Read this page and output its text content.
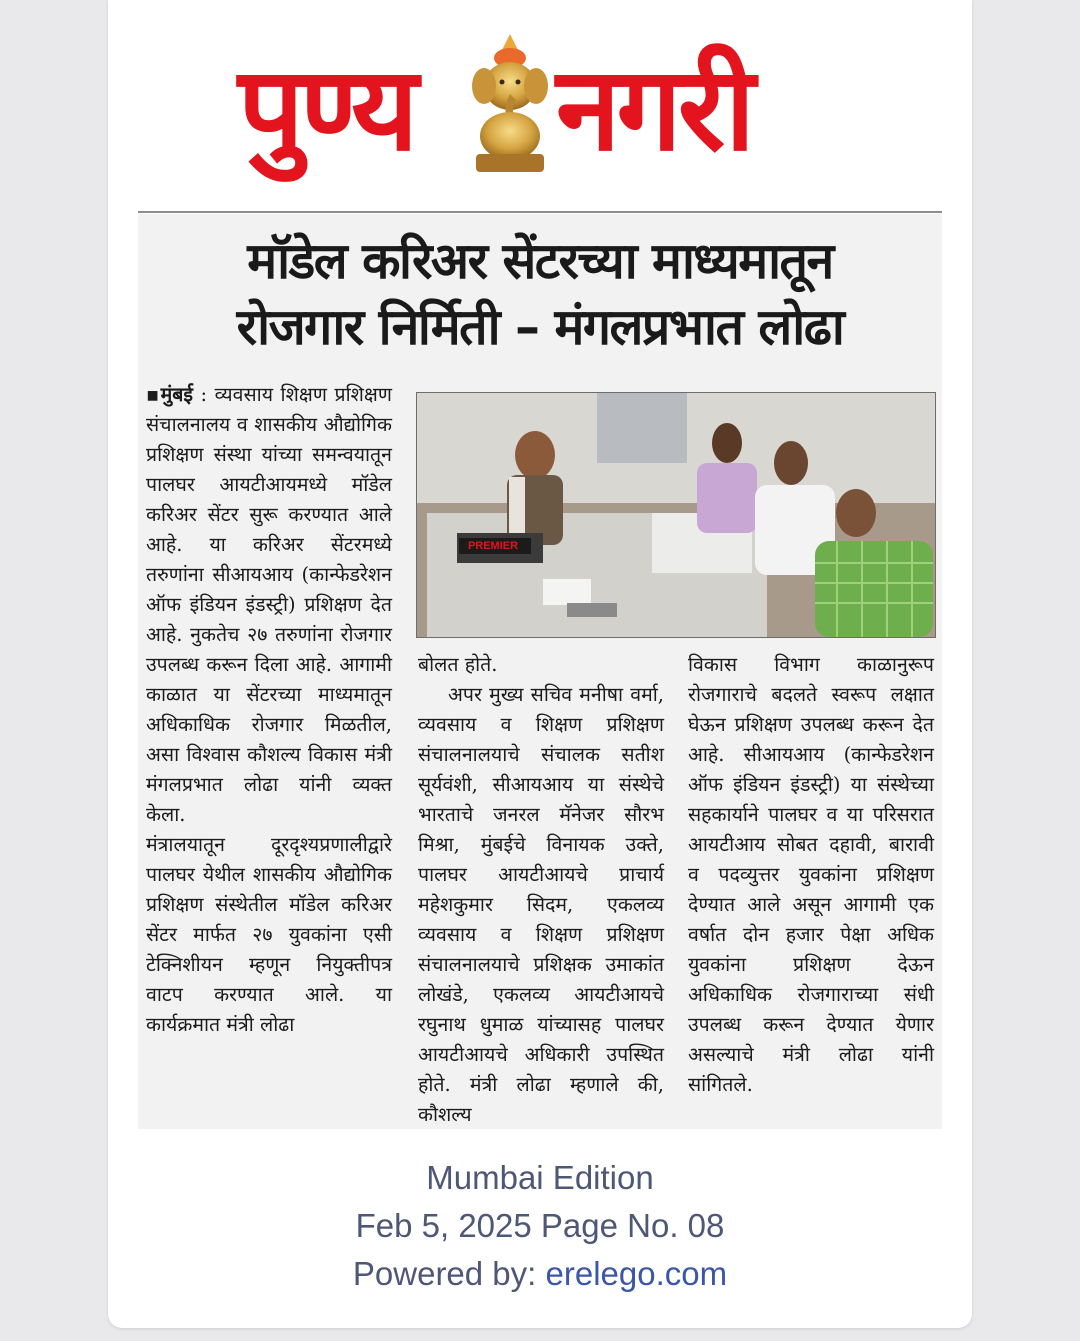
पुण्य नगरी
मॉडेल करिअर सेंटरच्या माध्यमातून
रोजगार निर्मिती – मंगलप्रभात लोढा

▪मुंबई : व्यवसाय शिक्षण प्रशिक्षण संचालनालय व शासकीय औद्योगिक प्रशिक्षण संस्था यांच्या समन्वयातून पालघर आयटीआयमध्ये मॉडेल करिअर सेंटर सुरू करण्यात आले आहे. या करिअर सेंटरमध्ये तरुणांना सीआयआय (कान्फेडरेशन ऑफ इंडियन इंडस्ट्री) प्रशिक्षण देत आहे. नुकतेच २७ तरुणांना रोजगार उपलब्ध करून दिला आहे. आगामी काळात या सेंटरच्या माध्यमातून अधिकाधिक रोजगार मिळतील, असा विश्वास कौशल्य विकास मंत्री मंगलप्रभात लोढा यांनी व्यक्त केला.

मंत्रालयातून दूरदृश्यप्रणालीद्वारे पालघर येथील शासकीय औद्योगिक प्रशिक्षण संस्थेतील मॉडेल करिअर सेंटर मार्फत २७ युवकांना एसी टेक्निशीयन म्हणून नियुक्तीपत्र वाटप करण्यात आले. या कार्यक्रमात मंत्री लोढा

PREMIER

बोलत होते.

अपर मुख्य सचिव मनीषा वर्मा, व्यवसाय व शिक्षण प्रशिक्षण संचालनालयाचे संचालक सतीश सूर्यवंशी, सीआयआय या संस्थेचे भारताचे जनरल मॅनेजर सौरभ मिश्रा, मुंबईचे विनायक उक्ते, पालघर आयटीआयचे प्राचार्य महेशकुमार सिदम, एकलव्य व्यवसाय व शिक्षण प्रशिक्षण संचालनालयाचे प्रशिक्षक उमाकांत लोखंडे, एकलव्य आयटीआयचे रघुनाथ धुमाळ यांच्यासह पालघर आयटीआयचे अधिकारी उपस्थित होते. मंत्री लोढा म्हणाले की, कौशल्य

विकास विभाग काळानुरूप रोजगाराचे बदलते स्वरूप लक्षात घेऊन प्रशिक्षण उपलब्ध करून देत आहे. सीआयआय (कान्फेडरेशन ऑफ इंडियन इंडस्ट्री) या संस्थेच्या सहकार्याने पालघर व या परिसरात आयटीआय सोबत दहावी, बारावी व पदव्युत्तर युवकांना प्रशिक्षण देण्यात आले असून आगामी एक वर्षात दोन हजार पेक्षा अधिक युवकांना प्रशिक्षण देऊन अधिकाधिक रोजगाराच्या संधी उपलब्ध करून देण्यात येणार असल्याचे मंत्री लोढा यांनी सांगितले.

Mumbai Edition
Feb 5, 2025 Page No. 08
Powered by: erelego.com
